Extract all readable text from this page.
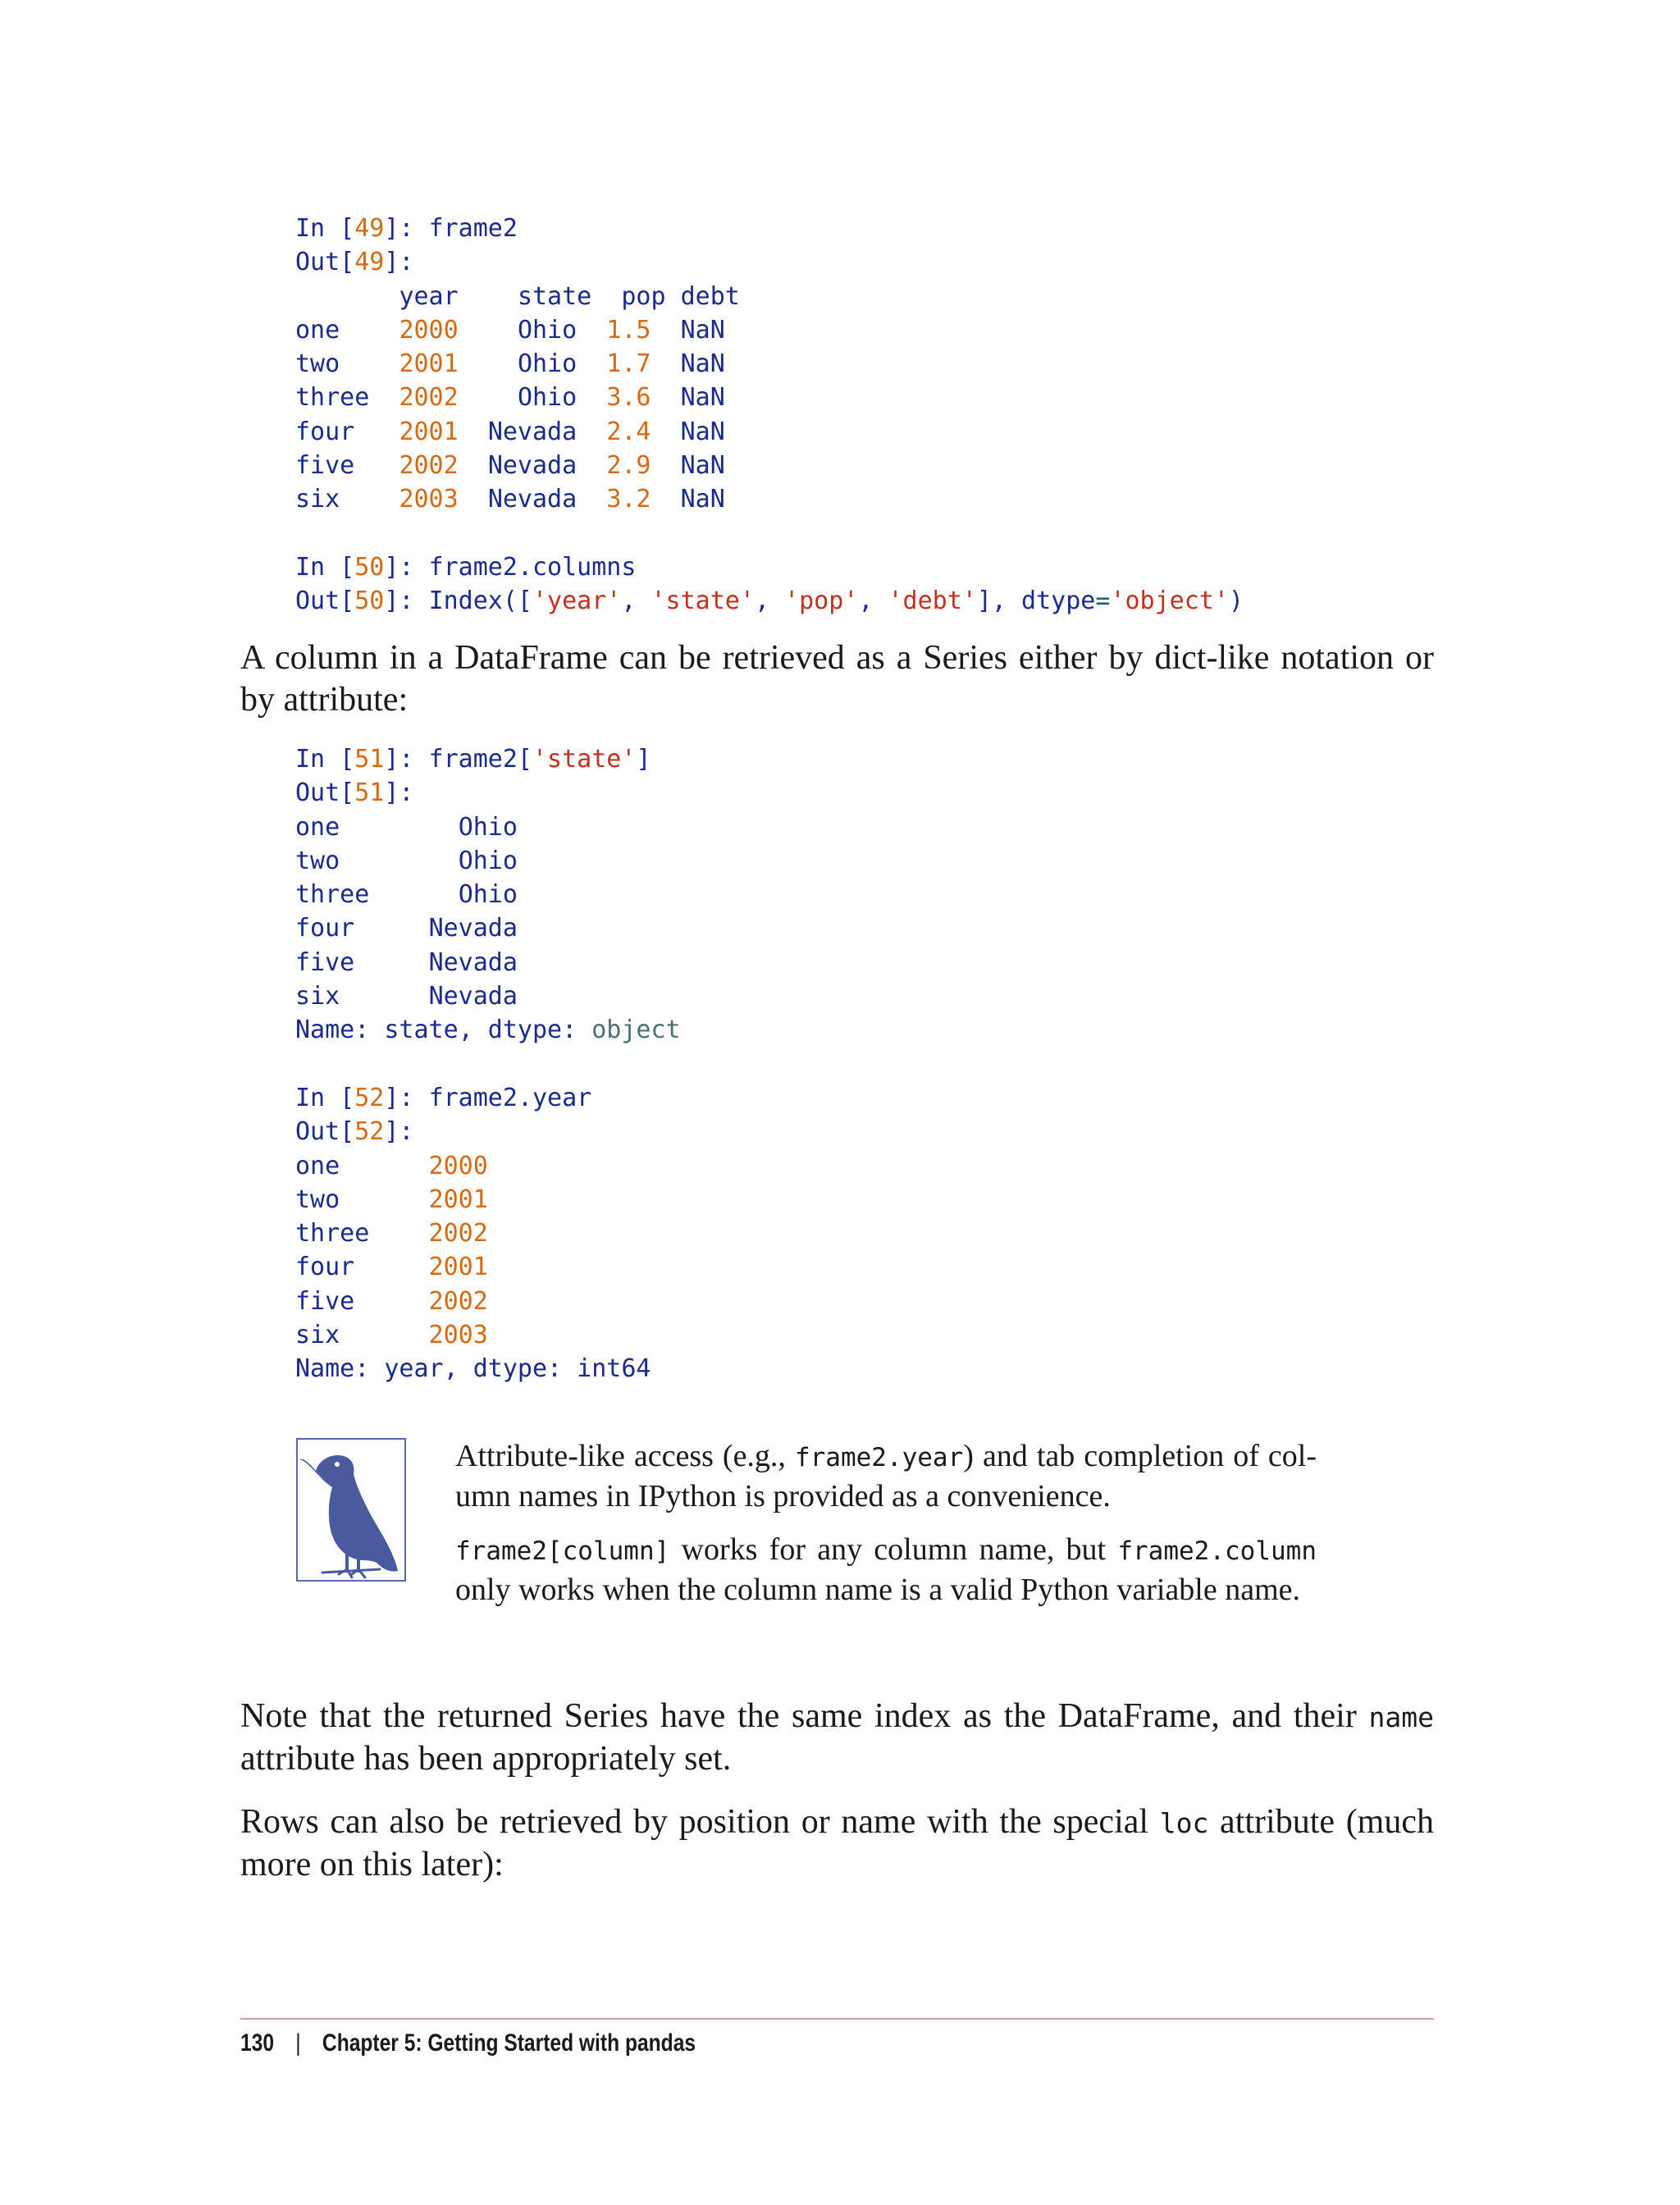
In [49]: frame2
Out[49]:
year state pop debt
one 2000 Ohio 1.5 NaN
two 2001 Ohio 1.7 NaN
three 2002 Ohio 3.6 NaN
four 2001 Nevada 2.4 NaN
five 2002 Nevada 2.9 NaN
six 2003 Nevada 3.2 NaN
In [50]: frame2.columns
Out[50]: Index(['year', 'state', 'pop', 'debt'], dtype='object')

A column in a DataFrame can be retrieved as a Series either by dict-like notation or by attribute:

In [51]: frame2['state']
Out[51]:
one	Ohio
two	Ohio
three	Ohio
four	Nevada
five	Nevada
six	Nevada
Name: state, dtype: object
In [52]: frame2.year
Out[52]:
one	2000
two	2001
three 2002
four	2001
five	2002
six	2003
Name: year, dtype: int64

Attribute-like access (e.g., frame2.year) and tab completion of col- umn names in IPython is provided as a convenience.

frame2[column] works for any column name, but frame2.column only works when the column name is a valid Python variable name.

Note that the returned Series have the same index as the DataFrame, and their name attribute has been appropriately set.

Rows can also be retrieved by position or name with the special loc attribute (much more on this later):

130 | Chapter 5: Getting Started with pandas
